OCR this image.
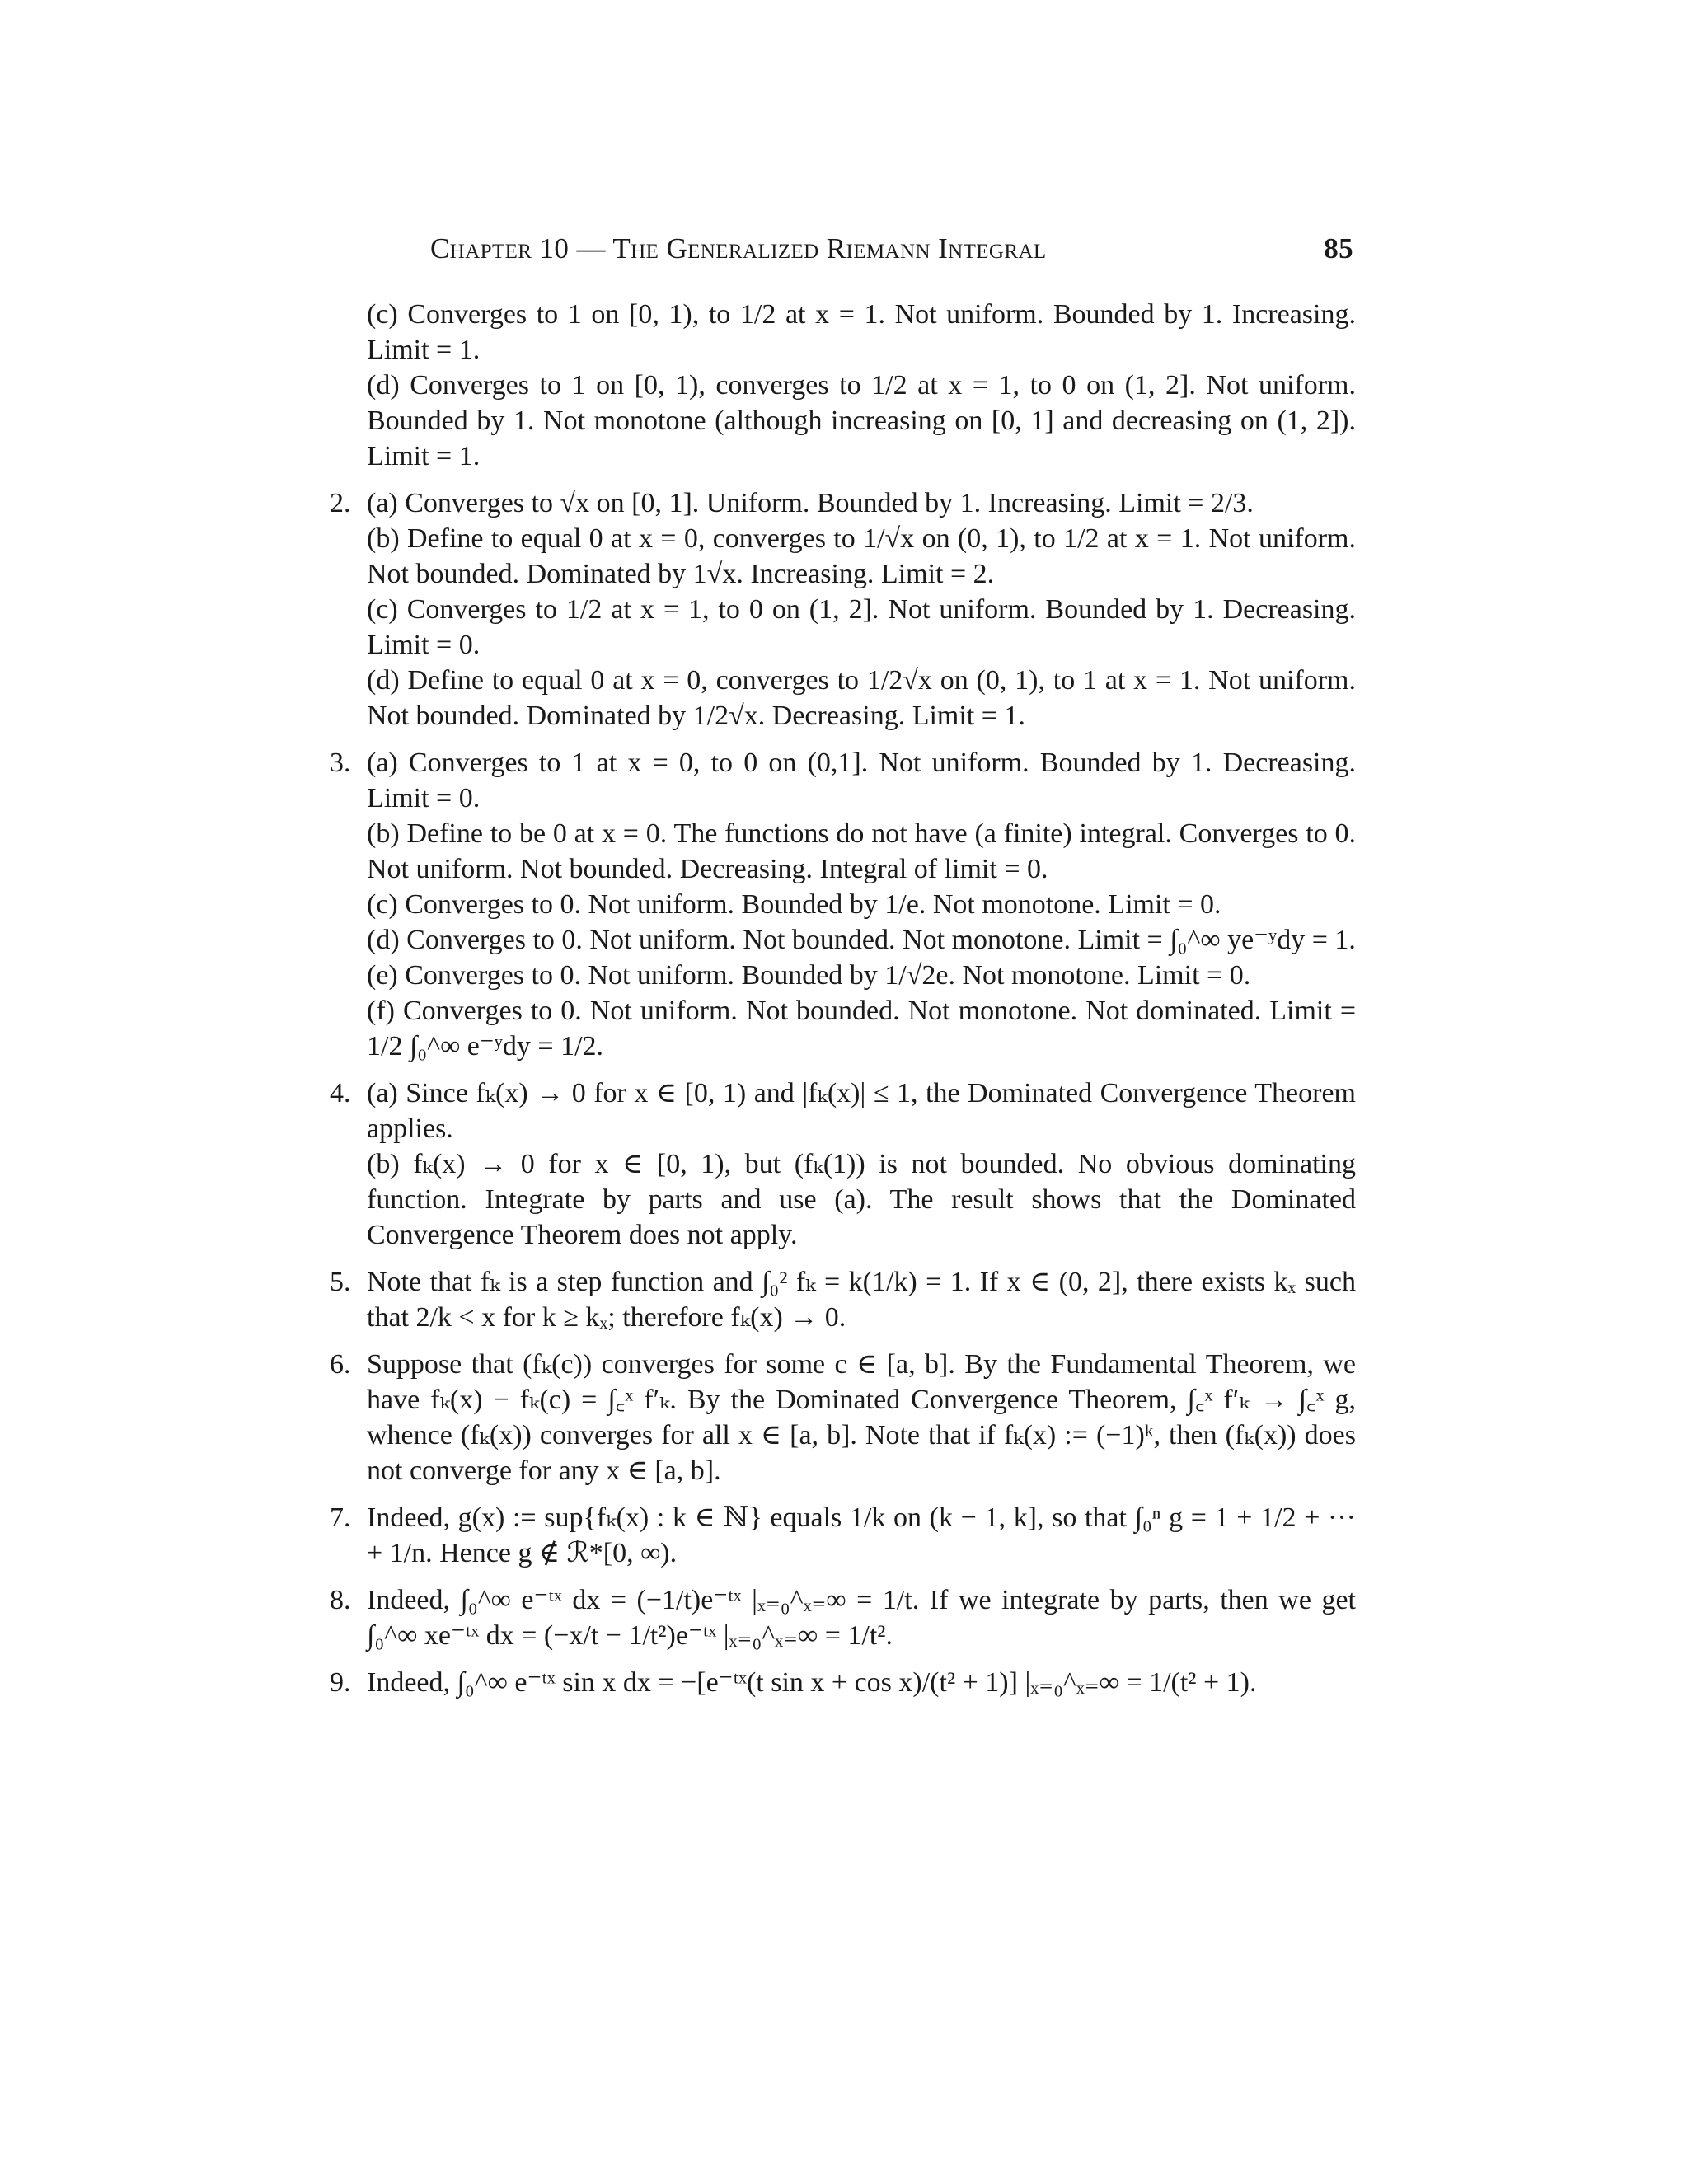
Chapter 10 — The Generalized Riemann Integral	85

(c) Converges to 1 on [0, 1), to 1/2 at x = 1. Not uniform. Bounded by 1. Increasing. Limit = 1.

(d) Converges to 1 on [0, 1), converges to 1/2 at x = 1, to 0 on (1, 2]. Not uniform. Bounded by 1. Not monotone (although increasing on [0, 1] and decreasing on (1, 2]). Limit = 1.

2. (a) Converges to √x on [0, 1]. Uniform. Bounded by 1. Increasing. Limit = 2/3.

(b) Define to equal 0 at x = 0, converges to 1/√x on (0, 1), to 1/2 at x = 1. Not uniform. Not bounded. Dominated by 1√x. Increasing. Limit = 2.

(c) Converges to 1/2 at x = 1, to 0 on (1, 2]. Not uniform. Bounded by 1. Decreasing. Limit = 0.

(d) Define to equal 0 at x = 0, converges to 1/2√x on (0, 1), to 1 at x = 1. Not uniform. Not bounded. Dominated by 1/2√x. Decreasing. Limit = 1.

3. (a) Converges to 1 at x = 0, to 0 on (0,1]. Not uniform. Bounded by 1. Decreasing. Limit = 0.

(b) Define to be 0 at x = 0. The functions do not have (a finite) integral. Converges to 0. Not uniform. Not bounded. Decreasing. Integral of limit = 0.

(c) Converges to 0. Not uniform. Bounded by 1/e. Not monotone. Limit = 0.

(d) Converges to 0. Not uniform. Not bounded. Not monotone. Limit = ∫₀^∞ ye⁻ʸdy = 1.

(e) Converges to 0. Not uniform. Bounded by 1/√2e. Not monotone. Limit = 0.

(f) Converges to 0. Not uniform. Not bounded. Not monotone. Not dominated. Limit = 1/2 ∫₀^∞ e⁻ʸdy = 1/2.

4. (a) Since fₖ(x) → 0 for x ∈ [0, 1) and |fₖ(x)| ≤ 1, the Dominated Convergence Theorem applies.

(b) fₖ(x) → 0 for x ∈ [0, 1), but (fₖ(1)) is not bounded. No obvious dominating function. Integrate by parts and use (a). The result shows that the Dominated Convergence Theorem does not apply.

5. Note that fₖ is a step function and ∫₀² fₖ = k(1/k) = 1. If x ∈ (0, 2], there exists kₓ such that 2/k < x for k ≥ kₓ; therefore fₖ(x) → 0.

6. Suppose that (fₖ(c)) converges for some c ∈ [a, b]. By the Fundamental Theorem, we have fₖ(x) − fₖ(c) = ∫꜀ˣ f′ₖ. By the Dominated Convergence Theorem, ∫꜀ˣ f′ₖ → ∫꜀ˣ g, whence (fₖ(x)) converges for all x ∈ [a, b]. Note that if fₖ(x) := (−1)ᵏ, then (fₖ(x)) does not converge for any x ∈ [a, b].

7. Indeed, g(x) := sup{fₖ(x) : k ∈ ℕ} equals 1/k on (k − 1, k], so that ∫₀ⁿ g = 1 + 1/2 + ··· + 1/n. Hence g ∉ ℛ*[0, ∞).

8. Indeed, ∫₀^∞ e⁻ᵗˣ dx = (−1/t)e⁻ᵗˣ |ₓ₌₀^ₓ₌∞ = 1/t. If we integrate by parts, then we get ∫₀^∞ xe⁻ᵗˣ dx = (−x/t − 1/t²)e⁻ᵗˣ |ₓ₌₀^ₓ₌∞ = 1/t².

9. Indeed, ∫₀^∞ e⁻ᵗˣ sin x dx = −[e⁻ᵗˣ(t sin x + cos x)/(t² + 1)] |ₓ₌₀^ₓ₌∞ = 1/(t² + 1).
